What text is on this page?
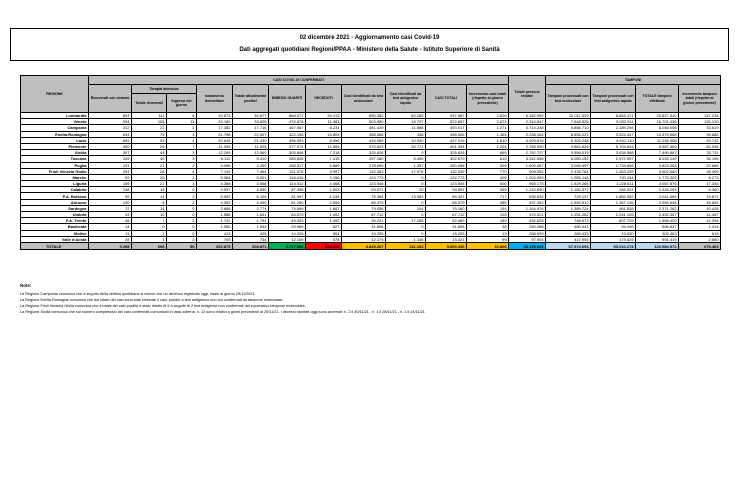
02 dicembre 2021 - Aggiornamento casi Covid-19
Dati aggregati quotidiani Regioni/PPAA - Ministero della Salute - Istituto Superiore di Sanità
REGIONE	CASI COVID-19 CONFERMATI											Totale persone testate	TAMPONI			
	Ricoverati con sintomi	Terapia intensiva		Isolamento domiciliare	Totale attualmente positivi	DIMESSI GUARITI	DECEDUTI	Casi identificati da test molecolare	Casi identificati da test antigenico rapido	CASI TOTALI	Incremento casi totali (rispetto al giorno precedente)		Tamponi processati con test molecolare	Tamponi processati con test antigenico rapido	TOTALE tamponi effettuati	Incremento tamponi totali (rispetto al giorno precedente)
		Totale ricoverati	Ingressi del giorno													
Lombardia	893	111	6	33.673	34.677	868.577	34.413	855.382	82.285	937.667	2.626	6.182.992	12.011.039	8.816.471	20.827.510	147.234
Veneto	534	105	11	33.189	33.828	476.876	11.983	503.980	18.707	522.687	2.874	2.310.847	7.648.525	9.052.911	16.701.436	126.120
Campania	312	22	2	17.382	17.716	467.067	8.234	481.429	11.588	493.017	1.271	3.714.248	5.856.710	2.189.298	8.046.008	33.619
Emilia-Romagna	634	75	3	21.798	22.507	422.196	13.803	458.068	438	458.506	1.464	2.258.164	6.655.221	3.924.447	10.579.668	39.686
Lazio	692	93	4	20.645	21.430	396.593	8.996	416.089	10.930	427.019	1.810	4.929.815	6.304.248	4.941.110	11.245.358	49.742
Piemonte	400	26	7	11.099	11.525	377.974	11.895	370.623	30.771	401.394	1.204	2.765.590	3.862.626	5.704.843	9.567.469	62.935
Sicilia	307	44	3	12.209	12.560	305.848	7.218	325.626	0	325.626	665	2.752.727	3.556.019	3.934.568	7.490.587	32.711
Toscana	249	49	3	9.112	9.410	285.845	7.415	297.180	5.490	302.670	615	3.341.556	5.060.152	2.972.997	8.033.149	35.195
Puglia	131	21	2	4.098	4.250	268.917	6.889	278.699	1.357	280.056	309	1.609.087	3.089.497	1.733.866	4.823.363	22.688
Friuli Venezia Giulia	294	26	4	7.144	7.464	121.078	3.997	115.463	17.076	132.539	770	909.552	2.438.764	1.463.299	3.902.063	28.499
Marche	92	25	1	5.084	5.201	116.416	3.156	124.773	0	124.773	405	1.024.953	1.055.148	720.154	1.775.302	6.273
Liguria	159	21	3	4.388	4.568	114.512	4.468	123.548	0	123.548	600	968.175	1.829.265	1.228.611	3.057.876	17.346
Calabria	138	15	0	4.537	4.690	87.398	1.503	93.571	20	93.591	369	1.210.690	1.160.372	284.921	1.445.293	6.360
P.A. Bolzano	99	14	3	5.992	6.105	81.997	1.245	75.364	13.983	89.347	717	535.632	729.137	1.882.552	2.611.689	19.871
Abruzzo	130	8	2	4.352	4.490	81.290	2.599	88.379	0	88.379	485	937.352	1.592.512	1.367.136	2.959.648	16.692
Sardegna	72	14	0	2.688	2.774	74.699	1.687	79.056	104	79.160	154	1.154.976	1.389.724	981.538	2.371.262	10.428
Umbria	43	10	0	1.588	1.641	64.579	1.492	67.712	0	67.712	103	474.021	1.251.262	1.241.105	2.492.367	11.457
P.A. Trento	46	7	2	1.741	1.794	49.303	1.392	35.221	17.268	52.489	189	432.628	748.673	807.729	1.556.402	11.394
Basilicata	14	0	0	1.050	1.064	29.965	627	31.656	0	31.656	38	250.288	480.441	26.196	506.637	1.414
Molise	11	1	0	413	425	14.326	504	15.255	0	15.255	13	268.099	289.433	13.030	302.463	619
Valle d'Aosta	28	1	2	705	734	12.109	478	12.175	1.146	13.321	99	97.904	417.994	173.425	591.419	2.680
TOTALE	5.298	698	55	202.875	208.871	4.717.556	134.003	4.849.267	211.163	5.060.430	16.806	38.129.601	67.574.694	53.010.278	120.584.972	679.462
Note:
La Regione Campania comunica che a seguito della verifica quotidiana si evince che un decesso registrato oggi, risale al giorno 25/11/2021.
La Regione Emilia-Romagna comunica che dal totale dei casi sono stati eliminati 4 casi, positivi a test antigenico ma non confermati da tampone molecolare.
La Regione Friuli Venezia Giulia comunica che il totale dei casi positivi è stato ridotto di 5 a seguito di 2 test antigenici non confermati dal successivo tampone molecolare.
La Regione Sicilia comunica che sul numero complessivo dei casi confermati comunicati in data odierna, n. 13 sono relativi a giorni precedenti al 29/11/21. I decessi riportati oggi sono avvenuti: n. 2 il 30/11/21 - n. 1 il 28/11/21 - n. 1 il 24/11/21.
